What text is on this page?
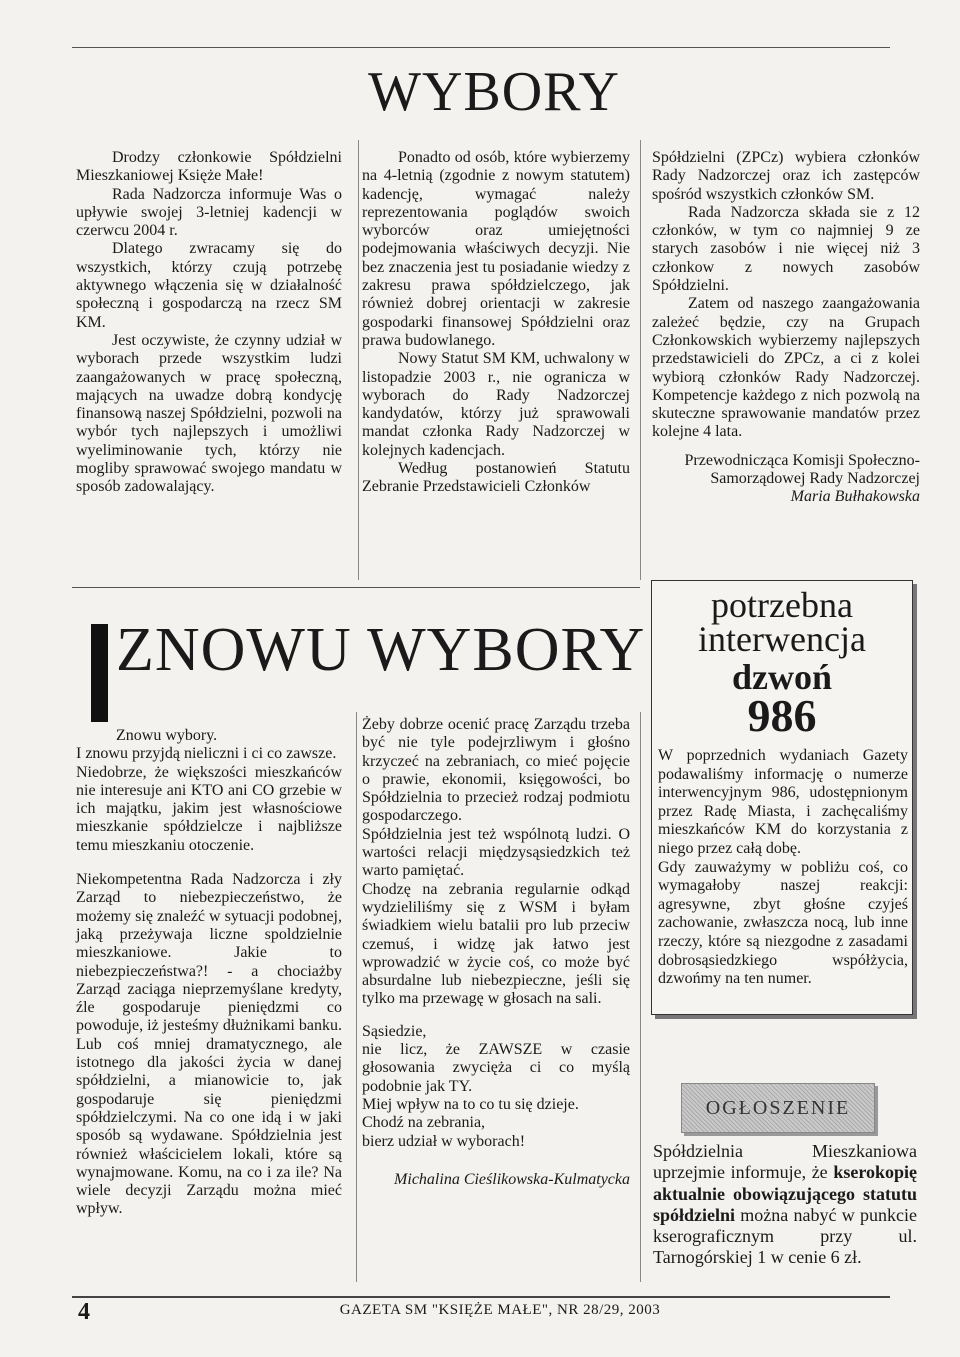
WYBORY

Drodzy członkowie Spółdzielni Mieszkaniowej Księże Małe!

Rada Nadzorcza informuje Was o upływie swojej 3-letniej kadencji w czerwcu 2004 r.

Dlatego zwracamy się do wszystkich, którzy czują potrzebę aktywnego włączenia się w działalność społeczną i gospodarczą na rzecz SM KM.

Jest oczywiste, że czynny udział w wyborach przede wszystkim ludzi zaangażowanych w pracę społeczną, mających na uwadze dobrą kondycję finansową naszej Spółdzielni, pozwoli na wybór tych najlepszych i umożliwi wyeliminowanie tych, którzy nie mogliby sprawować swojego mandatu w sposób zadowalający.

Ponadto od osób, które wybierzemy na 4-letnią (zgodnie z nowym statutem) kadencję, wymagać należy reprezentowania poglądów swoich wyborców oraz umiejętności podejmowania właściwych decyzji. Nie bez znaczenia jest tu posiadanie wiedzy z zakresu prawa spółdzielczego, jak również dobrej orientacji w zakresie gospodarki finansowej Spółdzielni oraz prawa budowlanego.

Nowy Statut SM KM, uchwalony w listopadzie 2003 r., nie ogranicza w wyborach do Rady Nadzorczej kandydatów, którzy już sprawowali mandat członka Rady Nadzorczej w kolejnych kadencjach.

Według postanowień Statutu Zebranie Przedstawicieli Członków

Spółdzielni (ZPCz) wybiera członków Rady Nadzorczej oraz ich zastępców spośród wszystkich członków SM.

Rada Nadzorcza składa sie z 12 członków, w tym co najmniej 9 ze starych zasobów i nie więcej niż 3 członkow z nowych zasobów Spółdzielni.

Zatem od naszego zaangażowania zależeć będzie, czy na Grupach Członkowskich wybierzemy najlepszych przedstawicieli do ZPCz, a ci z kolei wybiorą członków Rady Nadzorczej. Kompetencje każdego z nich pozwolą na skuteczne sprawowanie mandatów przez kolejne 4 lata.

Przewodnicząca Komisji Społeczno-Samorządowej Rady Nadzorczej

Maria Bułhakowska

ZNOWU WYBORY

Znowu wybory.

I znowu przyjdą nieliczni i ci co zawsze.

Niedobrze, że większości mieszkańców nie interesuje ani KTO ani CO grzebie w ich majątku, jakim jest własnościowe mieszkanie spółdzielcze i najbliższe temu mieszkaniu otoczenie.

Niekompetentna Rada Nadzorcza i zły Zarząd to niebezpieczeństwo, że możemy się znaleźć w sytuacji podobnej, jaką przeżywaja liczne spoldzielnie mieszkaniowe. Jakie to niebezpieczeństwa?! - a chociażby Zarząd zaciąga nieprzemyślane kredyty, źle gospodaruje pieniędzmi co powoduje, iż jesteśmy dłużnikami banku. Lub coś mniej dramatycznego, ale istotnego dla jakości życia w danej spółdzielni, a mianowicie to, jak gospodaruje się pieniędzmi spółdzielczymi. Na co one idą i w jaki sposób są wydawane. Spółdzielnia jest również właścicielem lokali, które są wynajmowane. Komu, na co i za ile? Na wiele decyzji Zarządu można mieć wpływ.

Żeby dobrze ocenić pracę Zarządu trzeba być nie tyle podejrzliwym i głośno krzyczeć na zebraniach, co mieć pojęcie o prawie, ekonomii, księgowości, bo Spółdzielnia to przecież rodzaj podmiotu gospodarczego.

Spółdzielnia jest też wspólnotą ludzi. O wartości relacji międzysąsiedzkich też warto pamiętać.

Chodzę na zebrania regularnie odkąd wydzieliliśmy się z WSM i byłam świadkiem wielu batalii pro lub przeciw czemuś, i widzę jak łatwo jest wprowadzić w życie coś, co może być absurdalne lub niebezpieczne, jeśli się tylko ma przewagę w głosach na sali.

Sąsiedzie,

nie licz, że ZAWSZE w czasie głosowania zwycięża ci co myślą podobnie jak TY.

Miej wpływ na to co tu się dzieje.

Chodź na zebrania,

bierz udział w wyborach!

Michalina Cieślikowska-Kulmatycka

potrzebna
interwencja
dzwoń
986

W poprzednich wydaniach Gazety podawaliśmy informację o numerze interwencyjnym 986, udostępnionym przez Radę Miasta, i zachęcaliśmy mieszkańców KM do korzystania z niego przez całą dobę.

Gdy zauważymy w pobliżu coś, co wymagałoby naszej reakcji: agresywne, zbyt głośne czyjeś zachowanie, zwłaszcza nocą, lub inne rzeczy, które są niezgodne z zasadami dobrosąsiedzkiego współżycia, dzwońmy na ten numer.

OGŁOSZENIE

Spółdzielnia Mieszkaniowa uprzejmie informuje, że kserokopię aktualnie obowiązującego statutu spółdzielni można nabyć w punkcie kserograficznym przy ul. Tarnogórskiej 1 w cenie 6 zł.

4	GAZETA SM "KSIĘŻE MAŁE", NR 28/29, 2003
